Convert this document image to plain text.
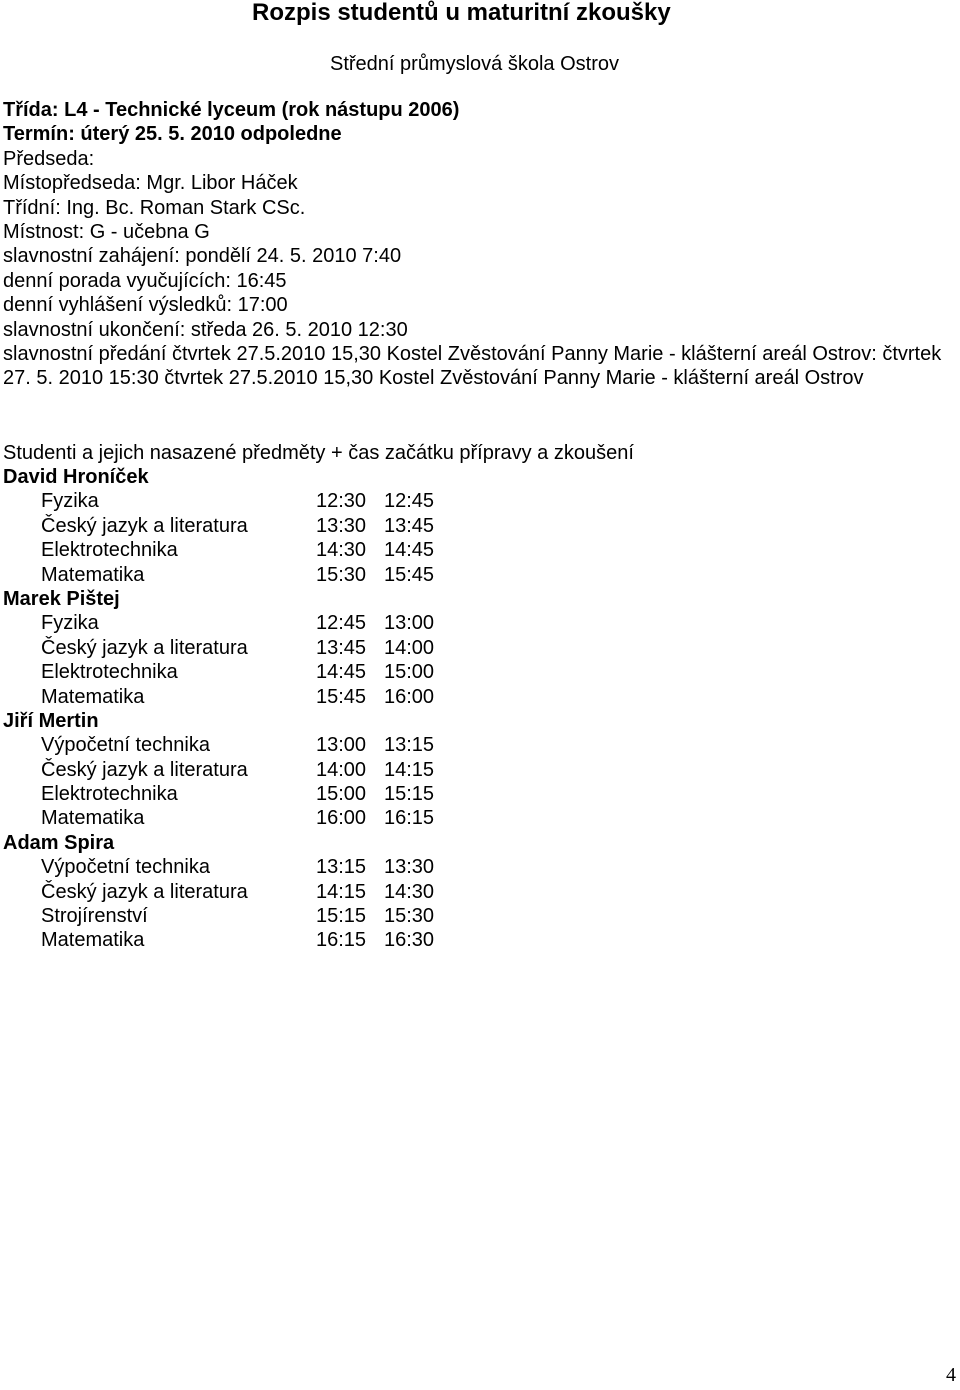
Rozpis studentů u maturitní zkoušky
Střední průmyslová škola Ostrov
Třída: L4 - Technické lyceum (rok nástupu 2006)
Termín: úterý 25. 5. 2010 odpoledne
Předseda:
Místopředseda: Mgr. Libor Háček
Třídní: Ing. Bc. Roman Stark CSc.
Místnost: G - učebna G
slavnostní zahájení: pondělí 24. 5. 2010 7:40
denní porada vyučujících: 16:45
denní vyhlášení výsledků: 17:00
slavnostní ukončení: středa 26. 5. 2010 12:30
slavnostní předání čtvrtek 27.5.2010 15,30 Kostel Zvěstování Panny Marie - klášterní areál Ostrov: čtvrtek 27. 5. 2010 15:30 čtvrtek 27.5.2010 15,30 Kostel Zvěstování Panny Marie - klášterní areál Ostrov
Studenti a jejich nasazené předměty + čas začátku přípravy a zkoušení
David Hroníček
Fyzika	12:30 12:45
Český jazyk a literatura	13:30 13:45
Elektrotechnika	14:30 14:45
Matematika	15:30 15:45
Marek Pištej
Fyzika	12:45 13:00
Český jazyk a literatura	13:45 14:00
Elektrotechnika	14:45 15:00
Matematika	15:45 16:00
Jiří Mertin
Výpočetní technika	13:00 13:15
Český jazyk a literatura	14:00 14:15
Elektrotechnika	15:00 15:15
Matematika	16:00 16:15
Adam Spira
Výpočetní technika	13:15 13:30
Český jazyk a literatura	14:15 14:30
Strojírenství	15:15 15:30
Matematika	16:15 16:30
4
